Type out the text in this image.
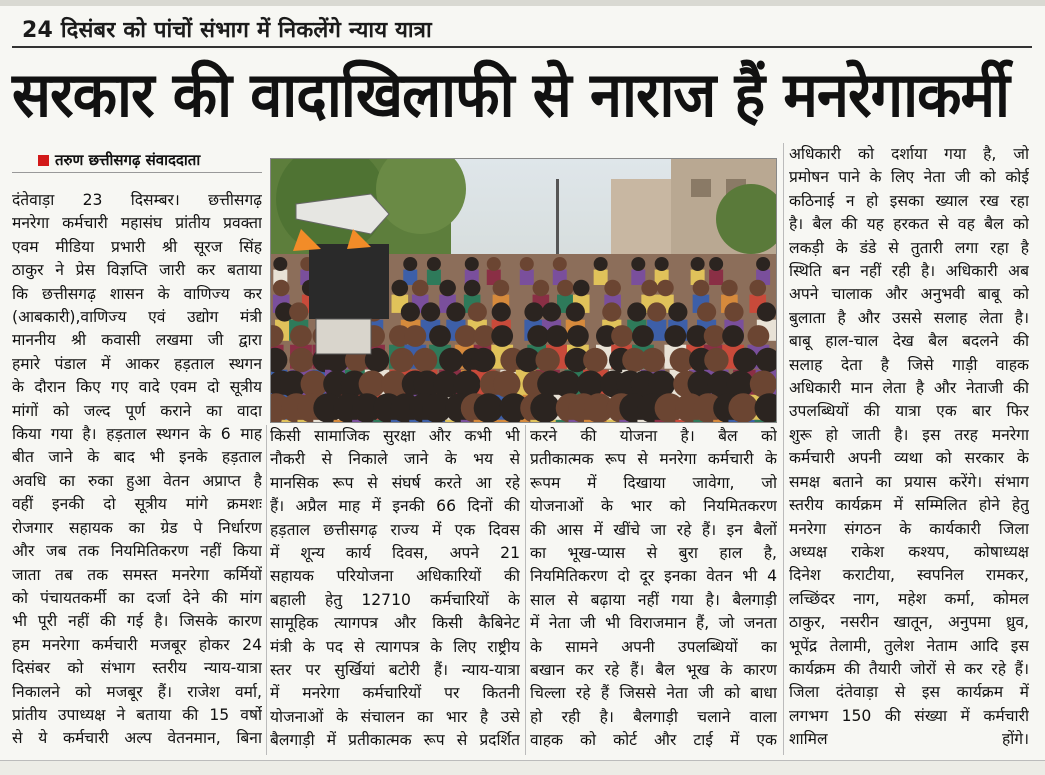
24 दिसंबर को पांचों संभाग में निकलेंगे न्याय यात्रा
सरकार की वादाखिलाफी से नाराज हैं मनरेगाकर्मी
तरुण छत्तीसगढ़ संवाददाता
दंतेवाड़ा 23 दिसम्बर। छत्तीसगढ़
मनरेगा कर्मचारी महासंघ प्रांतीय प्रवक्ता
एवम मीडिया प्रभारी श्री सूरज सिंह
ठाकुर ने प्रेस विज्ञप्ति जारी कर बताया
कि छत्तीसगढ़ शासन के वाणिज्य कर
(आबकारी),वाणिज्य एवं उद्योग मंत्री
माननीय श्री कवासी लखमा जी द्वारा
हमारे पंडाल में आकर हड़ताल स्थगन
के दौरान किए गए वादे एवम दो सूत्रीय
मांगों को जल्द पूर्ण कराने का वादा
किया गया है। हड़ताल स्थगन के 6 माह
बीत जाने के बाद भी इनके हड़ताल
अवधि का रुका हुआ वेतन अप्राप्त है
वहीं इनकी दो सूत्रीय मांगे क्रमशः
रोजगार सहायक का ग्रेड पे निर्धारण
और जब तक नियमितिकरण नहीं किया
जाता तब तक समस्त मनरेगा कर्मियों
को पंचायतकर्मी का दर्जा देने की मांग
भी पूरी नहीं की गई है। जिसके कारण
हम मनरेगा कर्मचारी मजबूर होकर 24
दिसंबर को संभाग स्तरीय न्याय-यात्रा
निकालने को मजबूर हैं। राजेश वर्मा,
प्रांतीय उपाध्यक्ष ने बताया की 15 वर्षो
से ये कर्मचारी अल्प वेतनमान, बिना
किसी सामाजिक सुरक्षा और कभी भी
नौकरी से निकाले जाने के भय से
मानसिक रूप से संघर्ष करते आ रहे
हैं। अप्रैल माह में इनकी 66 दिनों की
हड़ताल छत्तीसगढ़ राज्य में एक दिवस
में शून्य कार्य दिवस, अपने 21
सहायक परियोजना अधिकारियों की
बहाली हेतु 12710 कर्मचारियों के
सामूहिक त्यागपत्र और किसी कैबिनेट
मंत्री के पद से त्यागपत्र के लिए राष्ट्रीय
स्तर पर सुर्खियां बटोरी हैं। न्याय-यात्रा
में मनरेगा कर्मचारियों पर कितनी
योजनाओं के संचालन का भार है उसे
बैलगाड़ी में प्रतीकात्मक रूप से प्रदर्शित
करने की योजना है। बैल को
प्रतीकात्मक रूप से मनरेगा कर्मचारी के
रूपम में दिखाया जावेगा, जो
योजनाओं के भार को नियमितकरण
की आस में खींचे जा रहे हैं। इन बैलों
का भूख-प्यास से बुरा हाल है,
नियमितिकरण दो दूर इनका वेतन भी 4
साल से बढ़ाया नहीं गया है। बैलगाड़ी
में नेता जी भी विराजमान हैं, जो जनता
के सामने अपनी उपलब्धियों का
बखान कर रहे हैं। बैल भूख के कारण
चिल्ला रहे हैं जिससे नेता जी को बाधा
हो रही है। बैलगाड़ी चलाने वाला
वाहक को कोर्ट और टाई में एक
अधिकारी को दर्शाया गया है, जो
प्रमोषन पाने के लिए नेता जी को कोई
कठिनाई न हो इसका ख्याल रख रहा
है। बैल की यह हरकत से वह बैल को
लकड़ी के डंडे से तुतारी लगा रहा है
स्थिति बन नहीं रही है। अधिकारी अब
अपने चालाक और अनुभवी बाबू को
बुलाता है और उससे सलाह लेता है।
बाबू हाल-चाल देख बैल बदलने की
सलाह देता है जिसे गाड़ी वाहक
अधिकारी मान लेता है और नेताजी की
उपलब्धियों की यात्रा एक बार फिर
शुरू हो जाती है। इस तरह मनरेगा
कर्मचारी अपनी व्यथा को सरकार के
समक्ष बताने का प्रयास करेंगे। संभाग
स्तरीय कार्यक्रम में सम्मिलित होने हेतु
मनरेगा संगठन के कार्यकारी जिला
अध्यक्ष राकेश कश्यप, कोषाध्यक्ष
दिनेश कराटीया, स्वपनिल रामकर,
लच्छिंदर नाग, महेश कर्मा, कोमल
ठाकुर, नसरीन खातून, अनुपमा ध्रुव,
भूपेंद्र तेलामी, तुलेश नेताम आदि इस
कार्यक्रम की तैयारी जोरों से कर रहे हैं।
जिला दंतेवाड़ा से इस कार्यक्रम में
लगभग 150 की संख्या में कर्मचारी
शामिल होंगे।
